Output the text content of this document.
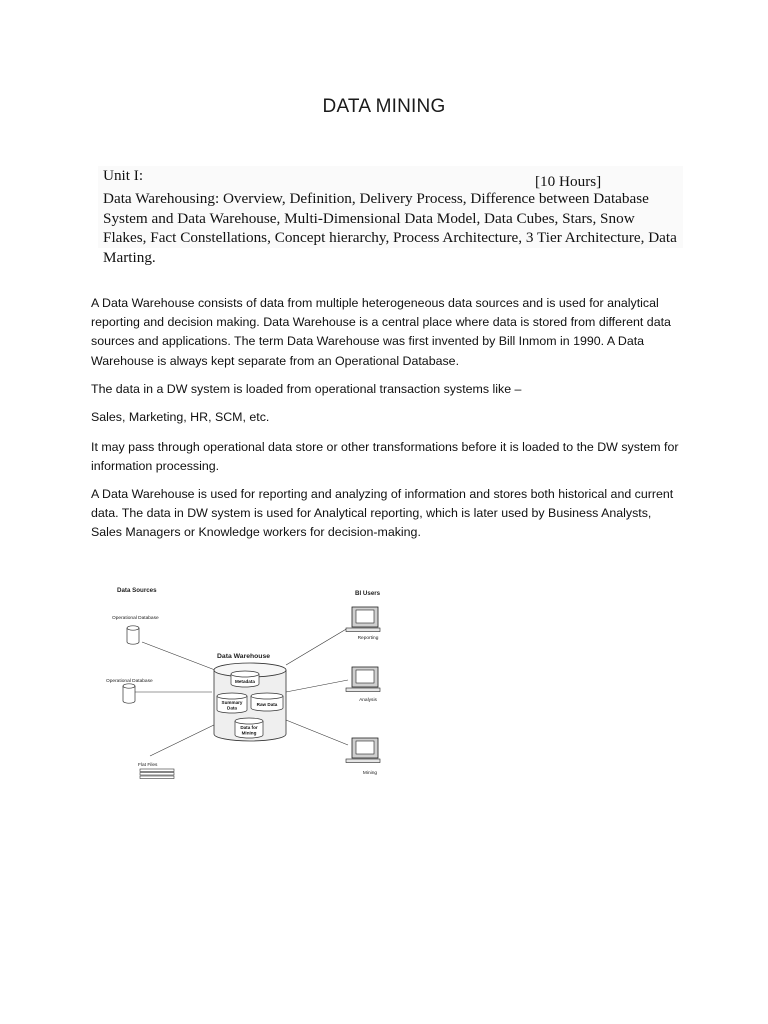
DATA MINING
Unit I:	[10 Hours]
Data Warehousing: Overview, Definition, Delivery Process, Difference between Database System and Data Warehouse, Multi-Dimensional Data Model, Data Cubes, Stars, Snow Flakes, Fact Constellations, Concept hierarchy, Process Architecture, 3 Tier Architecture, Data Marting.

A Data Warehouse consists of data from multiple heterogeneous data sources and is used for analytical reporting and decision making. Data Warehouse is a central place where data is stored from different data sources and applications. The term Data Warehouse was first invented by Bill Inmom in 1990. A Data Warehouse is always kept separate from an Operational Database.

The data in a DW system is loaded from operational transaction systems like –

Sales, Marketing, HR, SCM, etc.

It may pass through operational data store or other transformations before it is loaded to the DW system for information processing.

A Data Warehouse is used for reporting and analyzing of information and stores both historical and current data. The data in DW system is used for Analytical reporting, which is later used by Business Analysts, Sales Managers or Knowledge workers for decision-making.

Data Sources
Operational Database
Operational Database
Flat Files
Data Warehouse
Metadata
Summary
Data
Raw Data
Data for
Mining
BI Users
Reporting
Analysis
Mining
